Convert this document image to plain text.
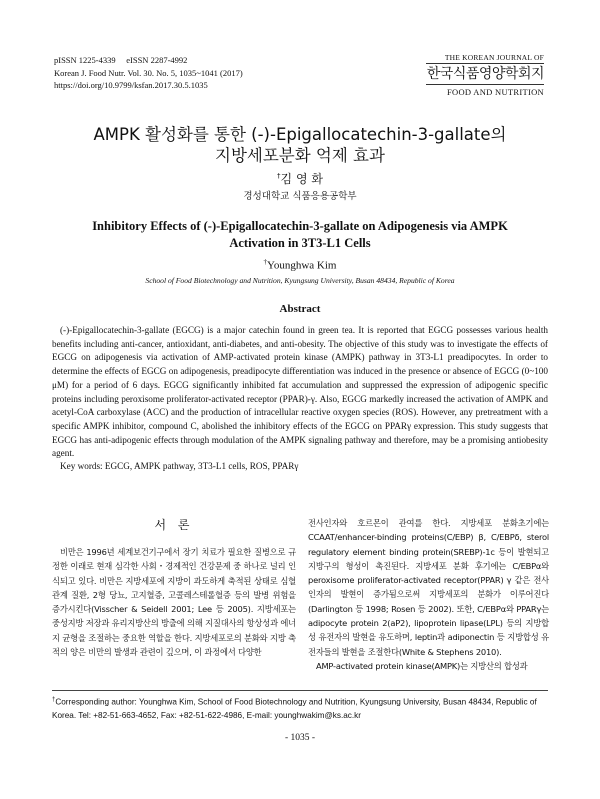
pISSN 1225-4339     eISSN 2287-4992
Korean J. Food Nutr. Vol. 30. No. 5, 1035~1041 (2017)
https://doi.org/10.9799/ksfan.2017.30.5.1035
THE KOREAN JOURNAL OF
한국식품영양학회지
FOOD AND NUTRITION
AMPK 활성화를 통한 (-)-Epigallocatechin-3-gallate의
지방세포분화 억제 효과
†김 영 화
경성대학교 식품응용공학부
Inhibitory Effects of (-)-Epigallocatechin-3-gallate on Adipogenesis via AMPK
Activation in 3T3-L1 Cells
†Younghwa Kim
School of Food Biotechnology and Nutrition, Kyungsung University, Busan 48434, Republic of Korea
Abstract

(-)-Epigallocatechin-3-gallate (EGCG) is a major catechin found in green tea. It is reported that EGCG possesses various health benefits including anti-cancer, antioxidant, anti-diabetes, and anti-obesity. The objective of this study was to investigate the effects of EGCG on adipogenesis via activation of AMP-activated protein kinase (AMPK) pathway in 3T3-L1 preadipocytes. In order to determine the effects of EGCG on adipogenesis, preadipocyte differentiation was induced in the presence or absence of EGCG (0~100 μM) for a period of 6 days. EGCG significantly inhibited fat accumulation and suppressed the expression of adipogenic specific proteins including peroxisome proliferator-activated receptor (PPAR)-γ. Also, EGCG markedly increased the activation of AMPK and acetyl-CoA carboxylase (ACC) and the production of intracellular reactive oxygen species (ROS). However, any pretreatment with a specific AMPK inhibitor, compound C, abolished the inhibitory effects of the EGCG on PPARγ expression. This study suggests that EGCG has anti-adipogenic effects through modulation of the AMPK signaling pathway and therefore, may be a promising antiobesity agent.

Key words: EGCG, AMPK pathway, 3T3-L1 cells, ROS, PPARγ
서 론

비만은 1996년 세계보건기구에서 장기 치료가 필요한 질병으로 규정한 이래로 현재 심각한 사회・경제적인 건강문제 중 하나로 널리 인식되고 있다. 비만은 지방세포에 지방이 과도하게 축적된 상태로 심혈관계 질환, 2형 당뇨, 고지혈증, 고콜레스테롤혈증 등의 발병 위험을 증가시킨다(Visscher & Seidell 2001; Lee 등 2005). 지방세포는 중성지방 저장과 유리지방산의 방출에 의해 지질대사의 항상성과 에너지 균형을 조절하는 중요한 역할을 한다. 지방세포로의 분화와 지방 축적의 양은 비만의 발생과 관련이 깊으며, 이 과정에서 다양한

전사인자와 호르몬이 관여를 한다. 지방세포 분화초기에는 CCAAT/enhancer-binding proteins(C/EBP) β, C/EBPδ, sterol regulatory element binding protein(SREBP)-1c 등이 발현되고 지방구의 형성이 촉진된다. 지방세포 분화 후기에는 C/EBPα와 peroxisome proliferator-activated receptor(PPAR) γ 같은 전사인자의 발현이 증가됨으로써 지방세포의 분화가 이루어진다(Darlington 등 1998; Rosen 등 2002). 또한, C/EBPα와 PPARγ는 adipocyte protein 2(aP2), lipoprotein lipase(LPL) 등의 지방합성 유전자의 발현을 유도하며, leptin과 adiponectin 등 지방합성 유전자들의 발현을 조절한다(White & Stephens 2010).

AMP-activated protein kinase(AMPK)는 지방산의 합성과

†Corresponding author: Younghwa Kim, School of Food Biotechnology and Nutrition, Kyungsung University, Busan 48434, Republic of Korea. Tel: +82-51-663-4652, Fax: +82-51-622-4986, E-mail: younghwakim@ks.ac.kr

- 1035 -
